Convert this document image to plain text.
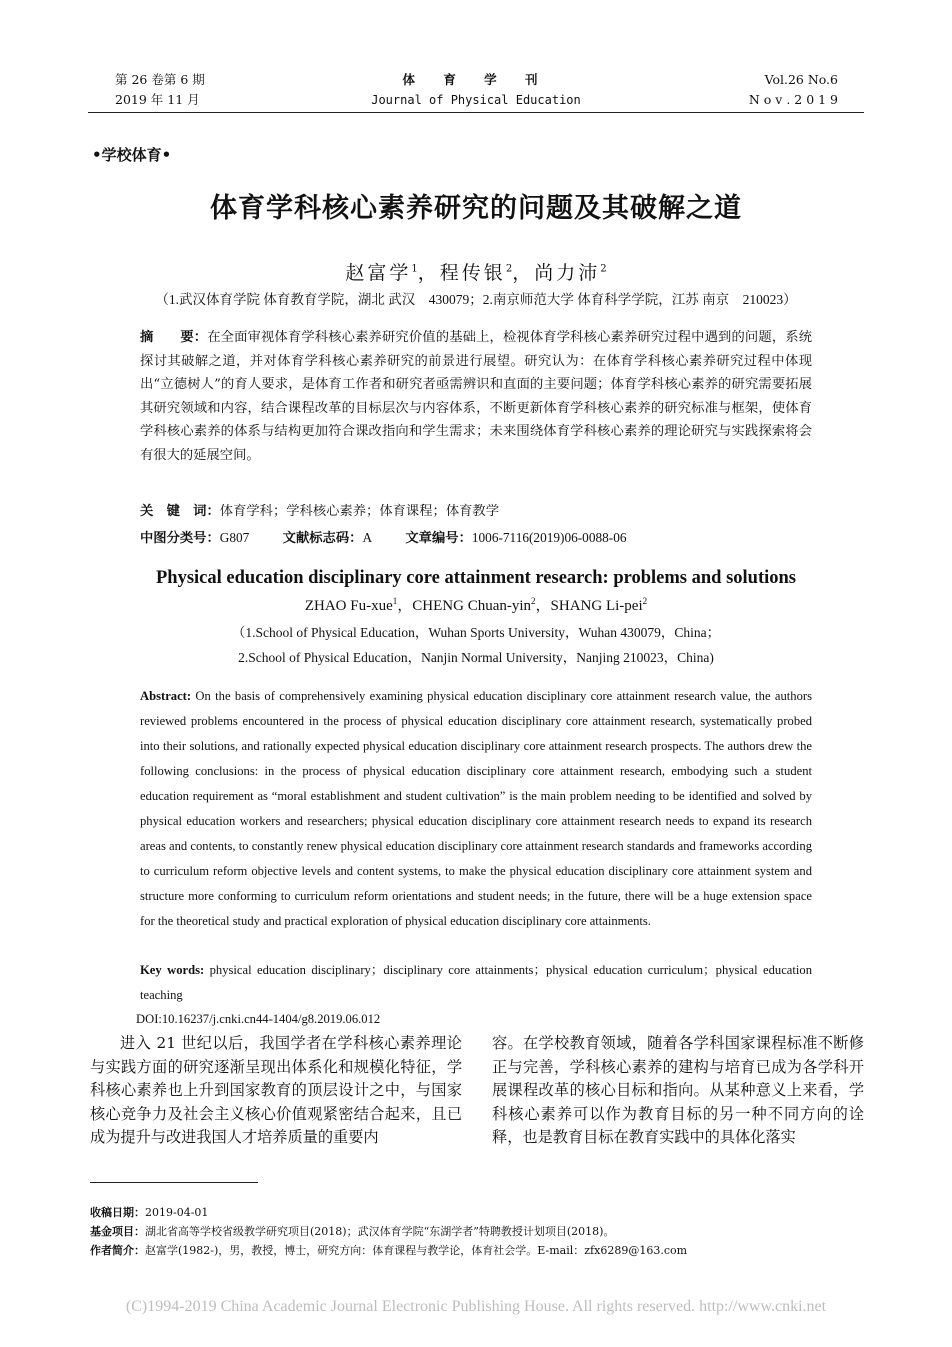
第 26 卷第 6 期
2019 年 11 月
体 育 学 刊
Journal of Physical Education
Vol.26 No.6
N o v . 2 0 1 9
•学校体育•
体育学科核心素养研究的问题及其破解之道
赵富学$^1$，程传银$^2$，尚力沛$^2$
（1.武汉体育学院 体育教育学院，湖北 武汉　430079；2.南京师范大学 体育科学学院，江苏 南京　210023）
摘　　要：在全面审视体育学科核心素养研究价值的基础上，检视体育学科核心素养研究过程中遇到的问题，系统探讨其破解之道，并对体育学科核心素养研究的前景进行展望。研究认为：在体育学科核心素养研究过程中体现出“立德树人”的育人要求，是体育工作者和研究者亟需辨识和直面的主要问题；体育学科核心素养的研究需要拓展其研究领域和内容，结合课程改革的目标层次与内容体系，不断更新体育学科核心素养的研究标准与框架，使体育学科核心素养的体系与结构更加符合课改指向和学生需求；未来围绕体育学科核心素养的理论研究与实践探索将会有很大的延展空间。
关　键　词：体育学科；学科核心素养；体育课程；体育教学
中图分类号：G807	文献标志码：A	文章编号：1006-7116(2019)06-0088-06
Physical education disciplinary core attainment research: problems and solutions
ZHAO Fu-xue$^1$，CHENG Chuan-yin$^2$，SHANG Li-pei$^2$
（1.School of Physical Education，Wuhan Sports University，Wuhan 430079，China；
2.School of Physical Education，Nanjin Normal University，Nanjing 210023，China)
Abstract: On the basis of comprehensively examining physical education disciplinary core attainment research value, the authors reviewed problems encountered in the process of physical education disciplinary core attainment research, systematically probed into their solutions, and rationally expected physical education disciplinary core attainment research prospects. The authors drew the following conclusions: in the process of physical education disciplinary core attainment research, embodying such a student education requirement as “moral establishment and student cultivation” is the main problem needing to be identified and solved by physical education workers and researchers; physical education disciplinary core attainment research needs to expand its research areas and contents, to constantly renew physical education disciplinary core attainment research standards and frameworks according to curriculum reform objective levels and content systems, to make the physical education disciplinary core attainment system and structure more conforming to curriculum reform orientations and student needs; in the future, there will be a huge extension space for the theoretical study and practical exploration of physical education disciplinary core attainments.
Key words: physical education disciplinary；disciplinary core attainments；physical education curriculum；physical education teaching
DOI:10.16237/j.cnki.cn44-1404/g8.2019.06.012
进入 21 世纪以后，我国学者在学科核心素养理论与实践方面的研究逐渐呈现出体系化和规模化特征，学科核心素养也上升到国家教育的顶层设计之中，与国家核心竞争力及社会主义核心价值观紧密结合起来，且已成为提升与改进我国人才培养质量的重要内
容。在学校教育领域，随着各学科国家课程标准不断修正与完善，学科核心素养的建构与培育已成为各学科开展课程改革的核心目标和指向。从某种意义上来看，学科核心素养可以作为教育目标的另一种不同方向的诠释，也是教育目标在教育实践中的具体化落实
收稿日期：2019-04-01
基金项目：湖北省高等学校省级教学研究项目(2018)；武汉体育学院“东湖学者”特聘教授计划项目(2018)。
作者简介：赵富学(1982-)，男，教授，博士，研究方向：体育课程与教学论，体育社会学。E-mail：zfx6289@163.com
(C)1994-2019 China Academic Journal Electronic Publishing House. All rights reserved. http://www.cnki.net
